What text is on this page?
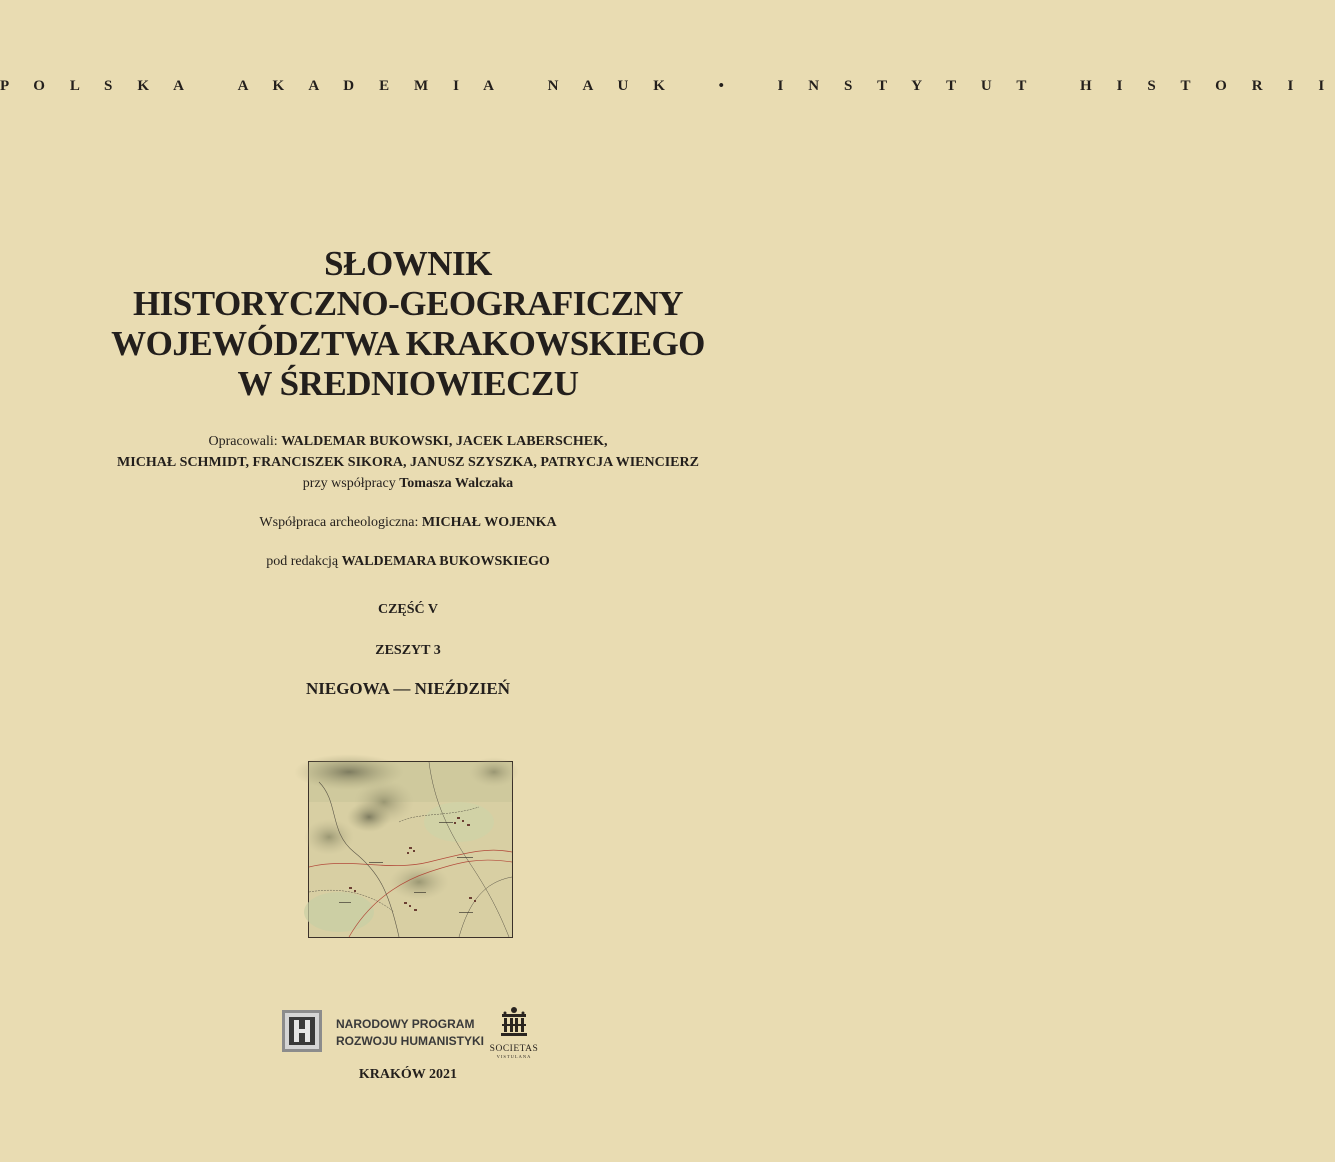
P O L S K A   A K A D E M I A   N A U K   •   I N S T Y T U T   H I S T O R I I
SŁOWNIK
HISTORYCZNO-GEOGRAFICZNY
WOJEWÓDZTWA KRAKOWSKIEGO
W ŚREDNIOWIECZU
Opracowali: WALDEMAR BUKOWSKI, JACEK LABERSCHEK,
MICHAŁ SCHMIDT, FRANCISZEK SIKORA, JANUSZ SZYSZKA, PATRYCJA WIENCIERZ
przy współpracy Tomasza Walczaka
Współpraca archeologiczna: MICHAŁ WOJENKA
pod redakcją WALDEMARA BUKOWSKIEGO
CZĘŚĆ V
ZESZYT 3
NIEGOWA — NIEŹDZIEŃ
NARODOWY PROGRAM
ROZWOJU HUMANISTYKI
SOCIETAS
VISTULANA
KRAKÓW 2021
